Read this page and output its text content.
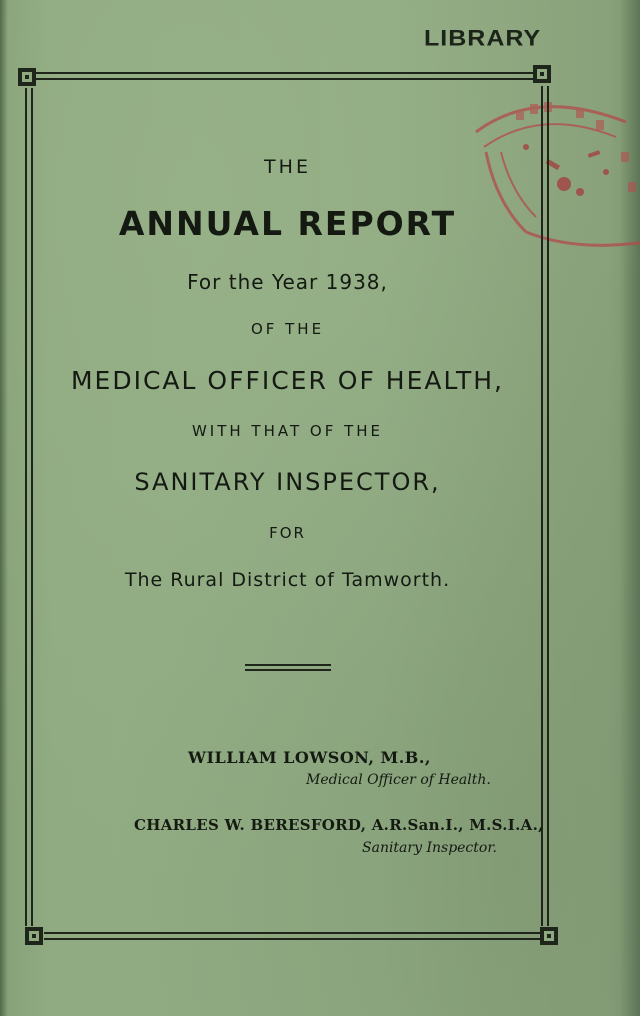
LIBRARY
THE
ANNUAL REPORT
For the Year 1938,
OF THE
MEDICAL OFFICER OF HEALTH,
WITH THAT OF THE
SANITARY INSPECTOR,
FOR
The Rural District of Tamworth.
WILLIAM LOWSON, M.B.,
Medical Officer of Health.
CHARLES W. BERESFORD, A.R.San.I., M.S.I.A.,
Sanitary Inspector.
